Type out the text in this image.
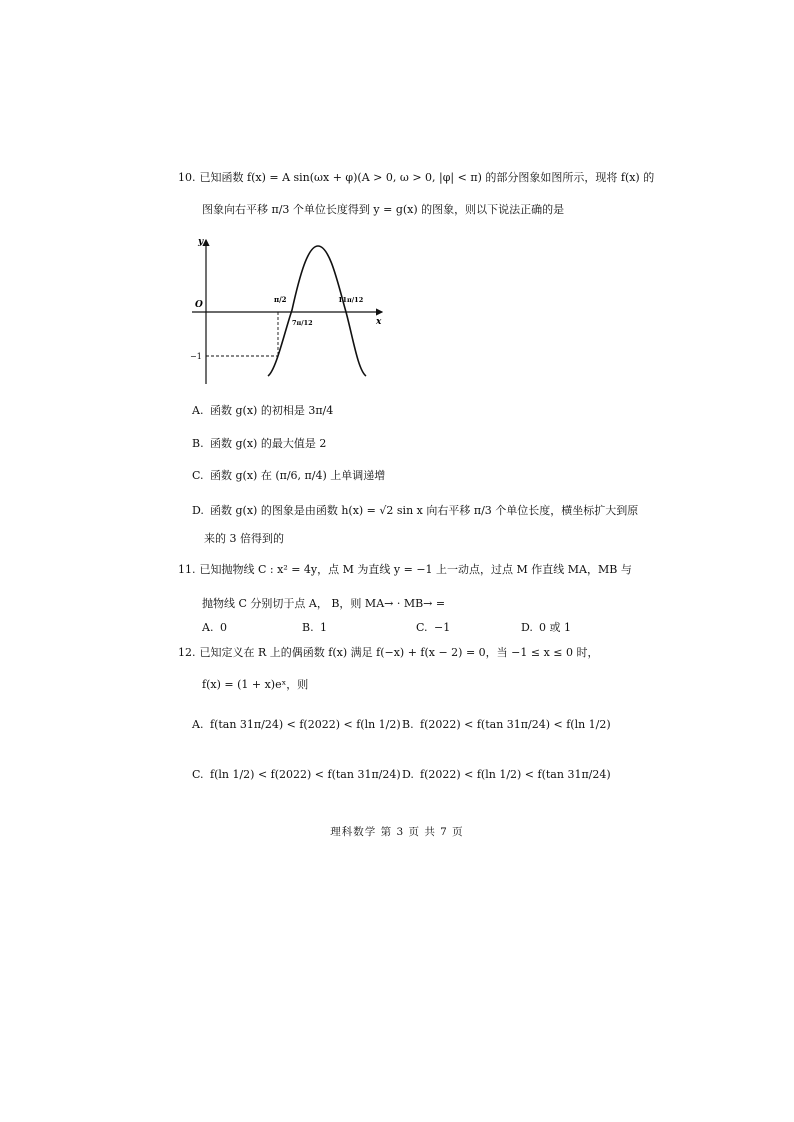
10. 已知函数 f(x) = A sin(ωx + φ)(A > 0, ω > 0, |φ| < π) 的部分图象如图所示，现将 f(x) 的
图象向右平移 π/3 个单位长度得到 y = g(x) 的图象，则以下说法正确的是
y
x
O
π/2
7π/12
11π/12
−1
A. 函数 g(x) 的初相是 3π/4
B. 函数 g(x) 的最大值是 2
C. 函数 g(x) 在 (π/6, π/4) 上单调递增
D. 函数 g(x) 的图象是由函数 h(x) = √2 sin x 向右平移 π/3 个单位长度，横坐标扩大到原
来的 3 倍得到的
11. 已知抛物线 C : x² = 4y，点 M 为直线 y = −1 上一动点，过点 M 作直线 MA，MB 与
抛物线 C 分别切于点 A， B，则 MA→ · MB→ =
A. 0	B. 1	C. −1	D. 0 或 1
12. 已知定义在 R 上的偶函数 f(x) 满足 f(−x) + f(x − 2) = 0，当 −1 ≤ x ≤ 0 时，
f(x) = (1 + x)eˣ，则
A. f(tan 31π/24) < f(2022) < f(ln 1/2) B. f(2022) < f(tan 31π/24) < f(ln 1/2)
C. f(ln 1/2) < f(2022) < f(tan 31π/24) D. f(2022) < f(ln 1/2) < f(tan 31π/24)
理科数学 第 3 页 共 7 页
